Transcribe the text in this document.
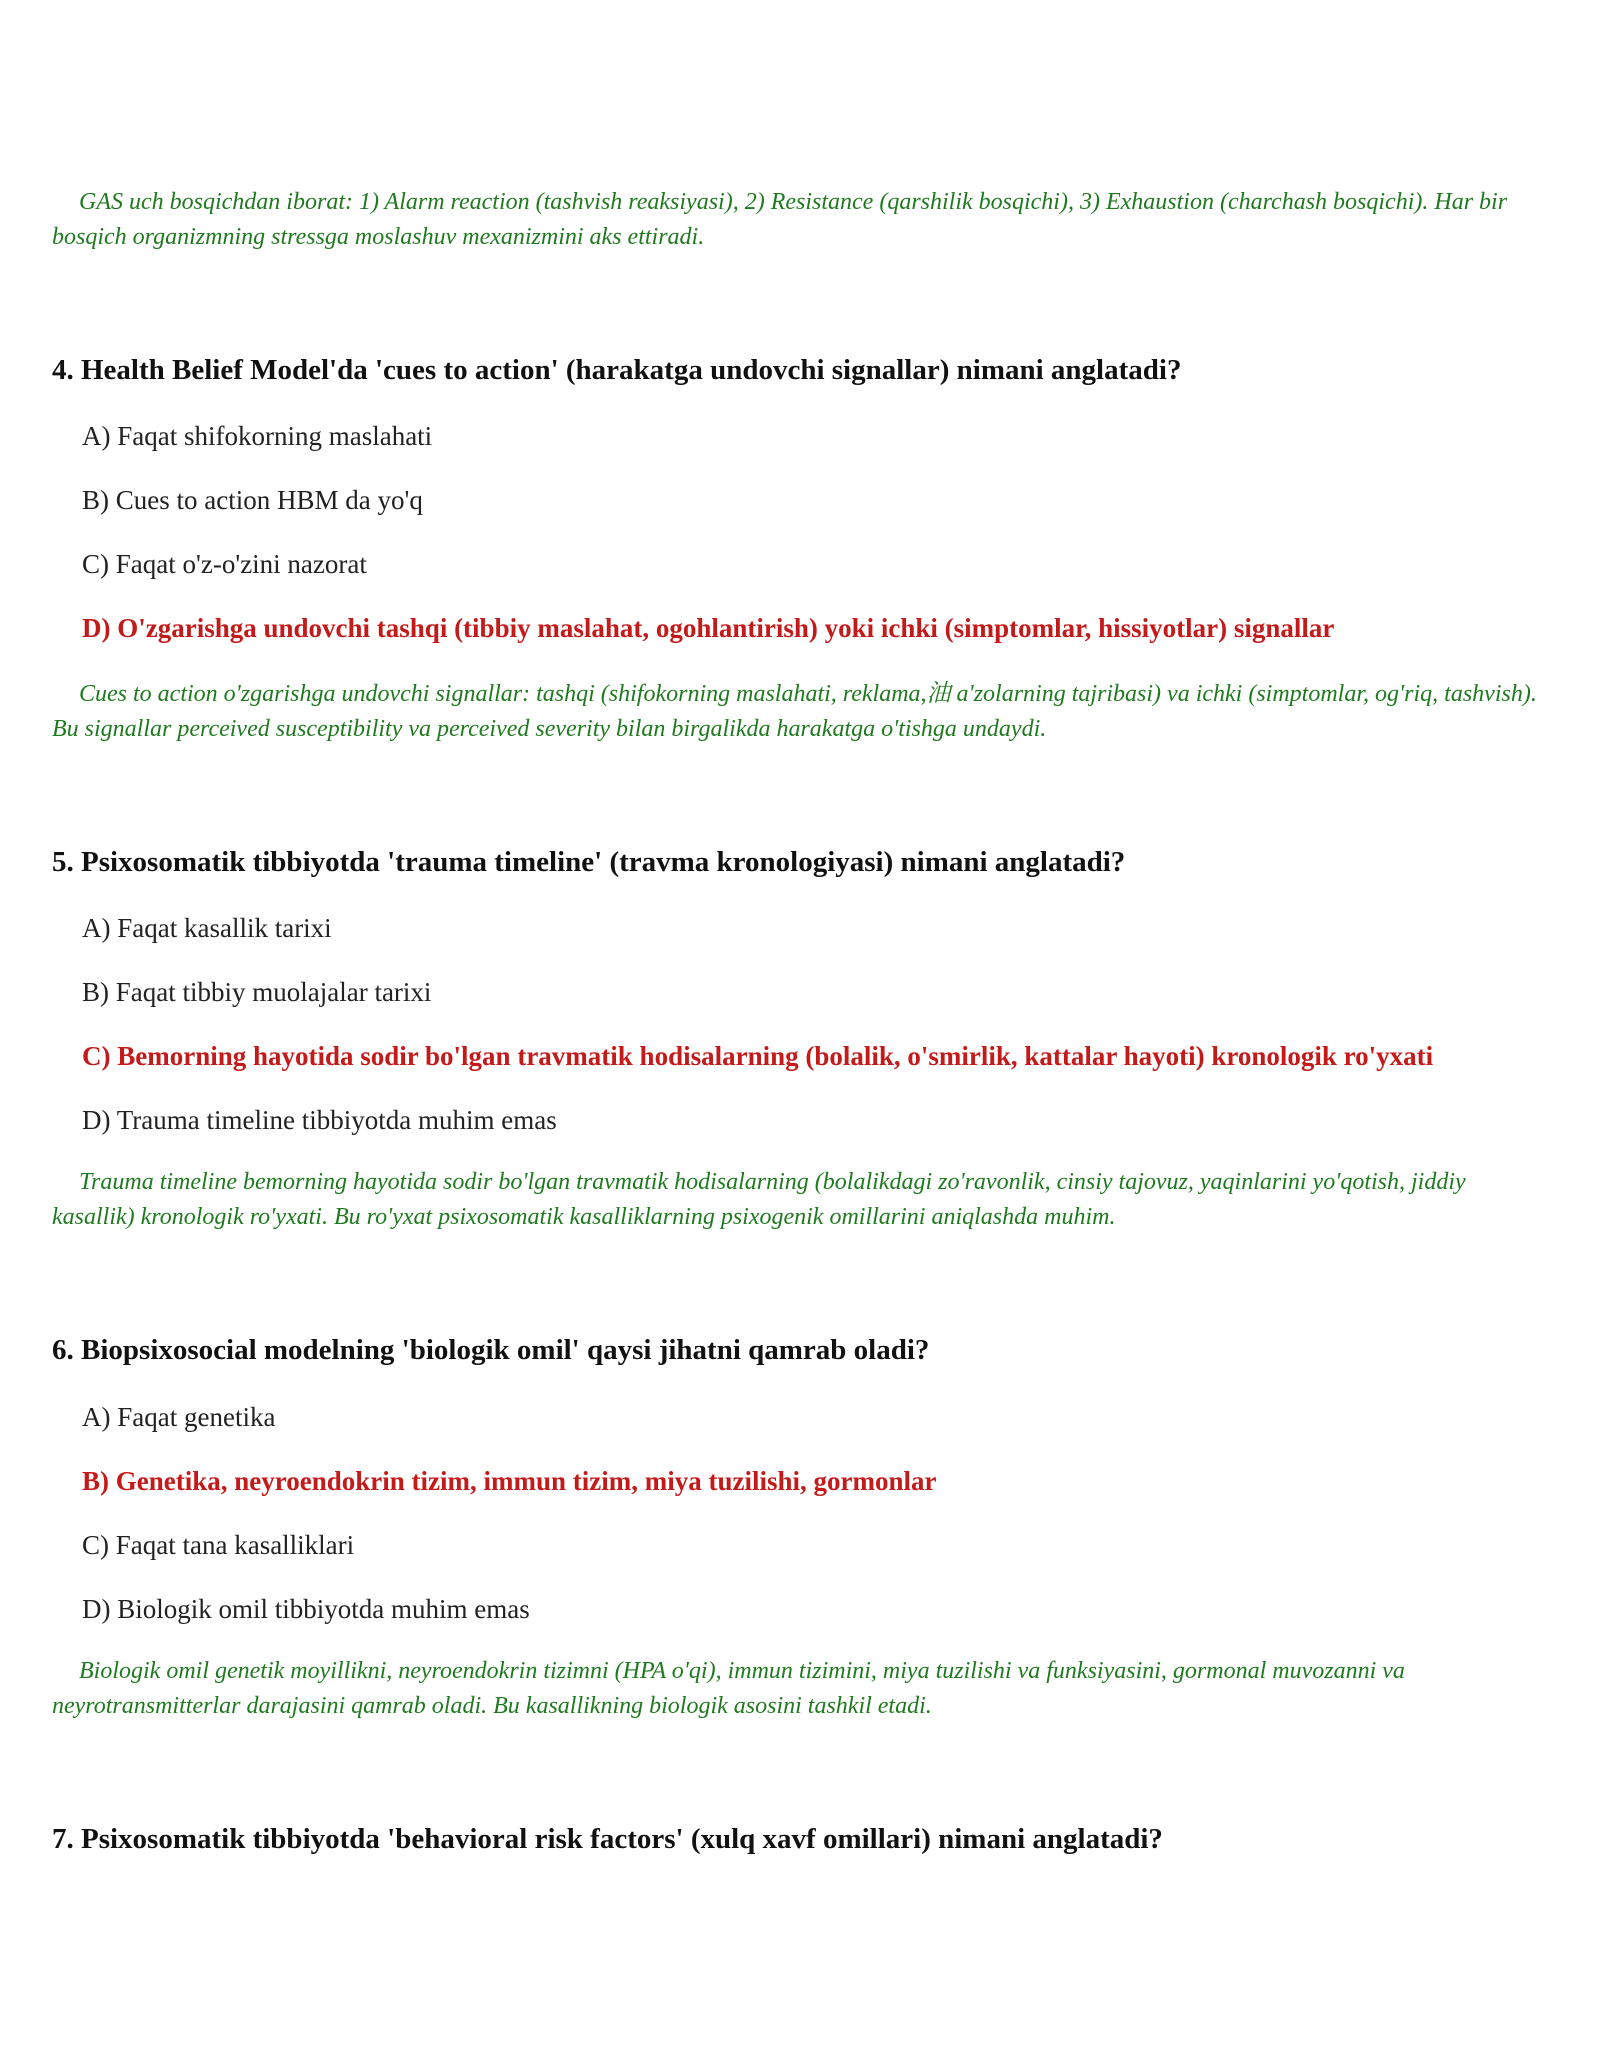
GAS uch bosqichdan iborat: 1) Alarm reaction (tashvish reaksiyasi), 2) Resistance (qarshilik bosqichi), 3) Exhaustion (charchash bosqichi). Har bir bosqich organizmning stressga moslashuv mexanizmini aks ettiradi.

4. Health Belief Model'da 'cues to action' (harakatga undovchi signallar) nimani anglatadi?

A) Faqat shifokorning maslahati

B) Cues to action HBM da yo'q

C) Faqat o'z-o'zini nazorat

D) O'zgarishga undovchi tashqi (tibbiy maslahat, ogohlantirish) yoki ichki (simptomlar, hissiyotlar) signallar

Cues to action o'zgarishga undovchi signallar: tashqi (shifokorning maslahati, reklama,油 a'zolarning tajribasi) va ichki (simptomlar, og'riq, tashvish). Bu signallar perceived susceptibility va perceived severity bilan birgalikda harakatga o'tishga undaydi.

5. Psixosomatik tibbiyotda 'trauma timeline' (travma kronologiyasi) nimani anglatadi?

A) Faqat kasallik tarixi

B) Faqat tibbiy muolajalar tarixi

C) Bemorning hayotida sodir bo'lgan travmatik hodisalarning (bolalik, o'smirlik, kattalar hayoti) kronologik ro'yxati

D) Trauma timeline tibbiyotda muhim emas

Trauma timeline bemorning hayotida sodir bo'lgan travmatik hodisalarning (bolalikdagi zo'ravonlik, cinsiy tajovuz, yaqinlarini yo'qotish, jiddiy kasallik) kronologik ro'yxati. Bu ro'yxat psixosomatik kasalliklarning psixogenik omillarini aniqlashda muhim.

6. Biopsixosocial modelning 'biologik omil' qaysi jihatni qamrab oladi?

A) Faqat genetika

B) Genetika, neyroendokrin tizim, immun tizim, miya tuzilishi, gormonlar

C) Faqat tana kasalliklari

D) Biologik omil tibbiyotda muhim emas

Biologik omil genetik moyillikni, neyroendokrin tizimni (HPA o'qi), immun tizimini, miya tuzilishi va funksiyasini, gormonal muvozanni va neyrotransmitterlar darajasini qamrab oladi. Bu kasallikning biologik asosini tashkil etadi.

7. Psixosomatik tibbiyotda 'behavioral risk factors' (xulq xavf omillari) nimani anglatadi?
